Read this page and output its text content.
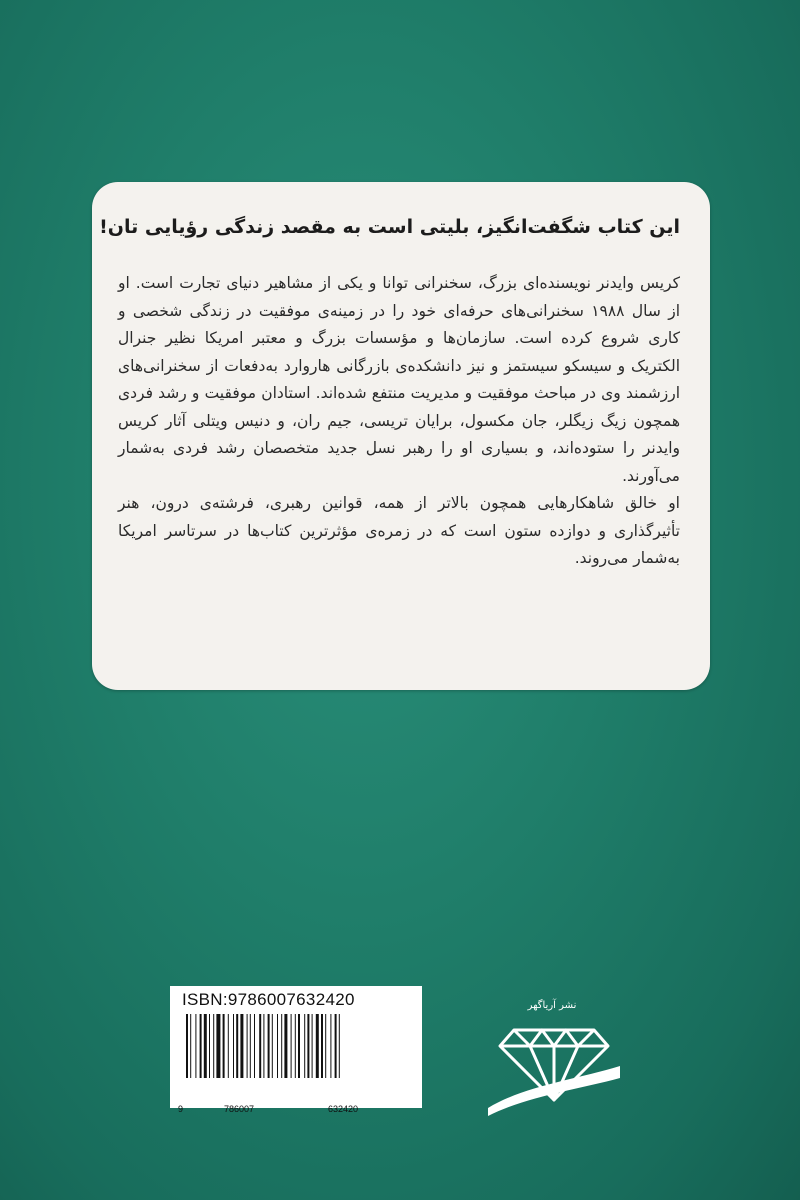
این کتاب شگفت‌انگیز، بلیتی است به مقصد زندگی رؤیایی تان!

کریس وایدنر نویسنده‌ای بزرگ، سخنرانی توانا و یکی از مشاهیر دنیای تجارت است. او از سال ۱۹۸۸ سخنرانی‌های حرفه‌ای خود را در زمینه‌ی موفقیت در زندگی شخصی و کاری شروع کرده است. سازمان‌ها و مؤسسات بزرگ و معتبر امریکا نظیر جنرال الکتریک و سیسکو سیستمز و نیز دانشکده‌ی بازرگانی هاروارد به‌دفعات از سخنرانی‌های ارزشمند وی در مباحث موفقیت و مدیریت منتفع شده‌اند. استادان موفقیت و رشد فردی همچون زیگ زیگلر، جان مکسول، برایان تریسی، جیم ران، و دنیس ویتلی آثار کریس وایدنر را ستوده‌اند، و بسیاری او را رهبر نسل جدید متخصصان رشد فردی به‌شمار می‌آورند.

او خالق شاهکارهایی همچون بالاتر از همه، قوانین رهبری، فرشته‌ی درون، هنر تأثیرگذاری و دوازده ستون است که در زمره‌ی مؤثرترین کتاب‌ها در سرتاسر امریکا به‌شمار می‌روند.

ISBN:9786007632420
9	786007	632420
نشر آریاگهر
